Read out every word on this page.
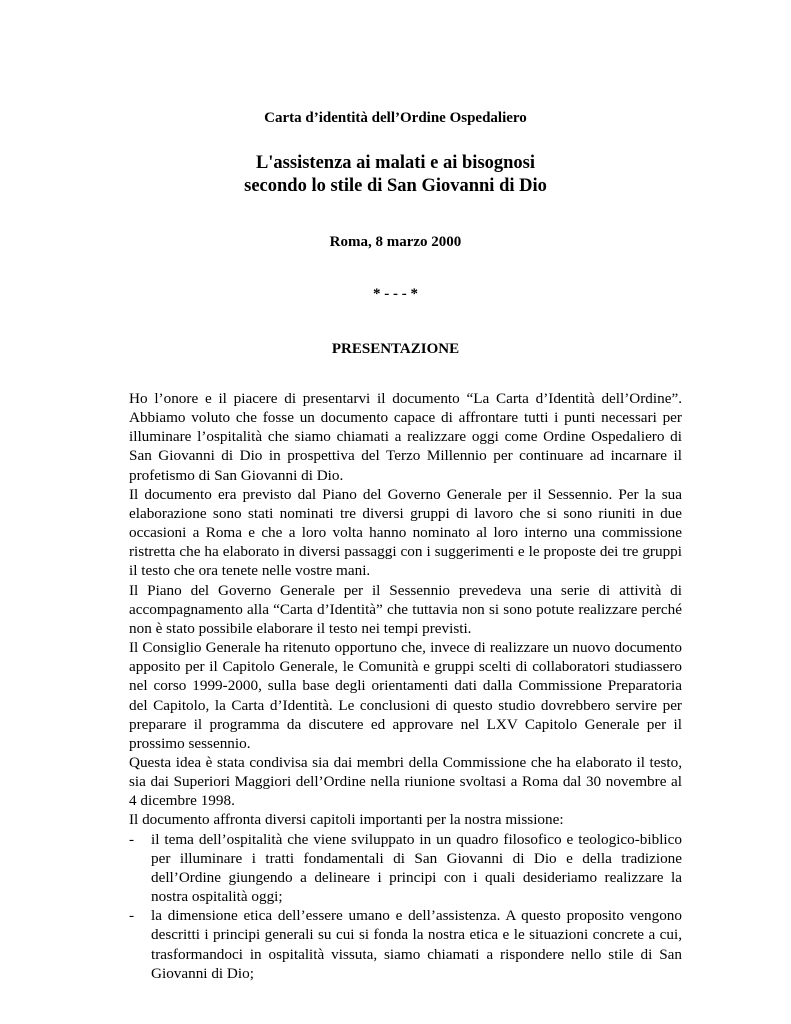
Carta d’identità dell’Ordine Ospedaliero
L'assistenza ai malati e ai bisognosi
secondo lo stile di San Giovanni di Dio
Roma, 8 marzo 2000
* - - - *
PRESENTAZIONE

Ho l’onore e il piacere di presentarvi il documento “La Carta d’Identità dell’Ordine”. Abbiamo voluto che fosse un documento capace di affrontare tutti i punti necessari per illuminare l’ospitalità che siamo chiamati a realizzare oggi come Ordine Ospedaliero di San Giovanni di Dio in prospettiva del Terzo Millennio per continuare ad incarnare il profetismo di San Giovanni di Dio.

Il documento era previsto dal Piano del Governo Generale per il Sessennio. Per la sua elaborazione sono stati nominati tre diversi gruppi di lavoro che si sono riuniti in due occasioni a Roma e che a loro volta hanno nominato al loro interno una commissione ristretta che ha elaborato in diversi passaggi con i suggerimenti e le proposte dei tre gruppi il testo che ora tenete nelle vostre mani.

Il Piano del Governo Generale per il Sessennio prevedeva una serie di attività di accompagnamento alla “Carta d’Identità” che tuttavia non si sono potute realizzare perché non è stato possibile elaborare il testo nei tempi previsti.

Il Consiglio Generale ha ritenuto opportuno che, invece di realizzare un nuovo documento apposito per il Capitolo Generale, le Comunità e gruppi scelti di collaboratori studiassero nel corso 1999-2000, sulla base degli orientamenti dati dalla Commissione Preparatoria del Capitolo, la Carta d’Identità. Le conclusioni di questo studio dovrebbero servire per preparare il programma da discutere ed approvare nel LXV Capitolo Generale per il prossimo sessennio.

Questa idea è stata condivisa sia dai membri della Commissione che ha elaborato il testo, sia dai Superiori Maggiori dell’Ordine nella riunione svoltasi a Roma dal 30 novembre al 4 dicembre 1998.

Il documento affronta diversi capitoli importanti per la nostra missione:

- il tema dell’ospitalità che viene sviluppato in un quadro filosofico e teologico-biblico per illuminare i tratti fondamentali di San Giovanni di Dio e della tradizione dell’Ordine giungendo a delineare i principi con i quali desideriamo realizzare la nostra ospitalità oggi;
- la dimensione etica dell’essere umano e dell’assistenza. A questo proposito vengono descritti i principi generali su cui si fonda la nostra etica e le situazioni concrete a cui, trasformandoci in ospitalità vissuta, siamo chiamati a rispondere nello stile di San Giovanni di Dio;
